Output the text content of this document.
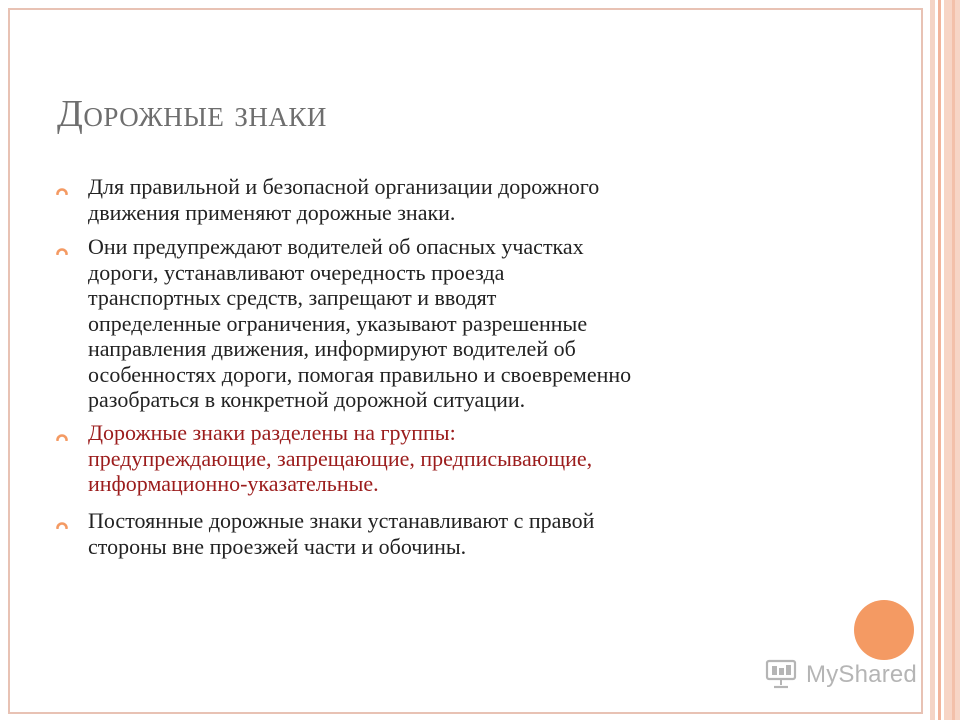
Дорожные знаки
Для правильной и безопасной организации дорожного
движения применяют дорожные знаки.
Они предупреждают водителей об опасных участках
дороги, устанавливают очередность проезда
транспортных средств, запрещают и вводят
определенные ограничения, указывают разрешенные
направления движения, информируют водителей об
особенностях дороги, помогая правильно и своевременно
разобраться в конкретной дорожной ситуации.
Дорожные знаки разделены на группы:
предупреждающие, запрещающие, предписывающие,
информационно-указательные.
Постоянные дорожные знаки устанавливают с правой
стороны вне проезжей части и обочины.
MyShared
